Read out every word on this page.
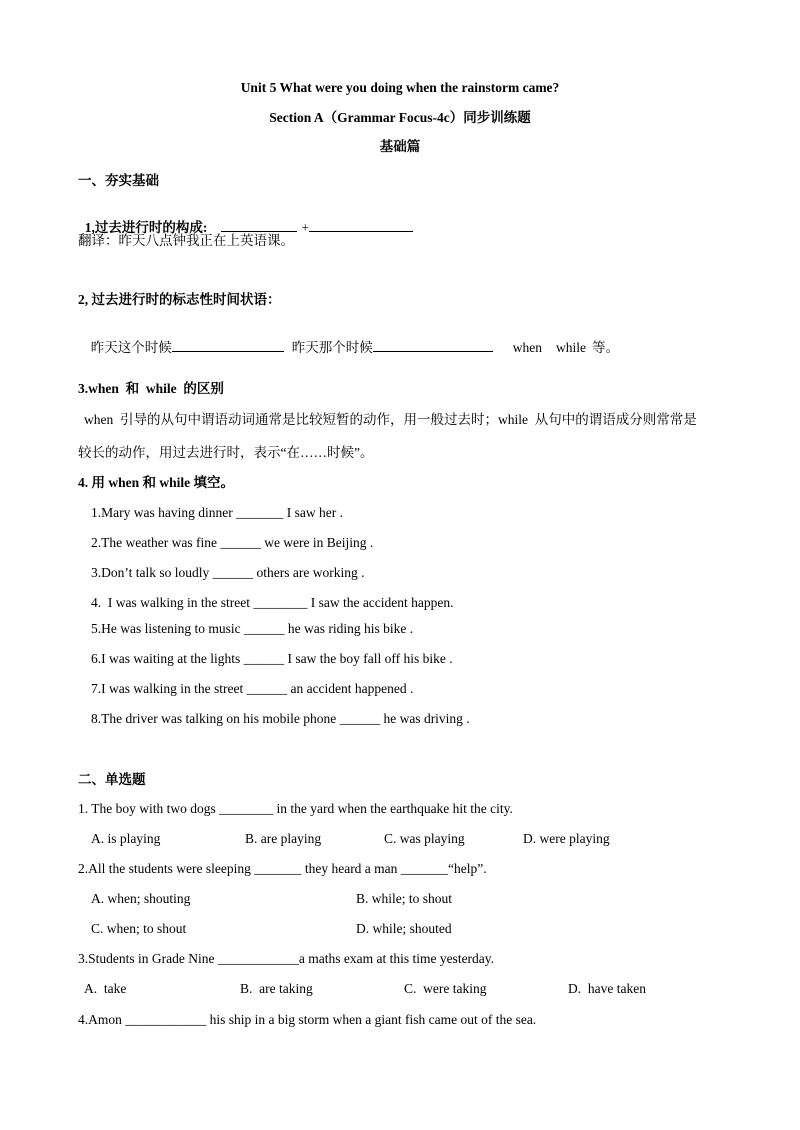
Unit 5 What were you doing when the rainstorm came?
Section A（Grammar Focus-4c）同步训练题
基础篇
一、夯实基础

1,过去进行时的构成:	+

翻译：昨天八点钟我正在上英语课。
2, 过去进行时的标志性时间状语：

昨天这个时候	昨天那个时候	when while 等。

3.when  和  while  的区别
when  引导的从句中谓语动词通常是比较短暂的动作，用一般过去时；while  从句中的谓语成分则常常是
较长的动作，用过去进行时，表示“在……时候”。
4. 用 when 和 while 填空。
1.Mary was having dinner _______ I saw her .
2.The weather was fine ______ we were in Beijing .
3.Don’t talk so loudly ______ others are working .
4.  I was walking in the street ________ I saw the accident happen.
5.He was listening to music ______ he was riding his bike .
6.I was waiting at the lights ______ I saw the boy fall off his bike .
7.I was walking in the street ______ an accident happened .
8.The driver was talking on his mobile phone ______ he was driving .
二、单选题
1. The boy with two dogs ________ in the yard when the earthquake hit the city.
A. is playing	B. are playing	C. was playing	D. were playing
2.All the students were sleeping _______ they heard a man _______“help”.
A. when; shouting	B. while; to shout
C. when; to shout	D. while; shouted
3.Students in Grade Nine ____________a maths exam at this time yesterday.
A.  take	B.  are taking	C.  were taking	D.  have taken
4.Amon ____________ his ship in a big storm when a giant fish came out of the sea.
